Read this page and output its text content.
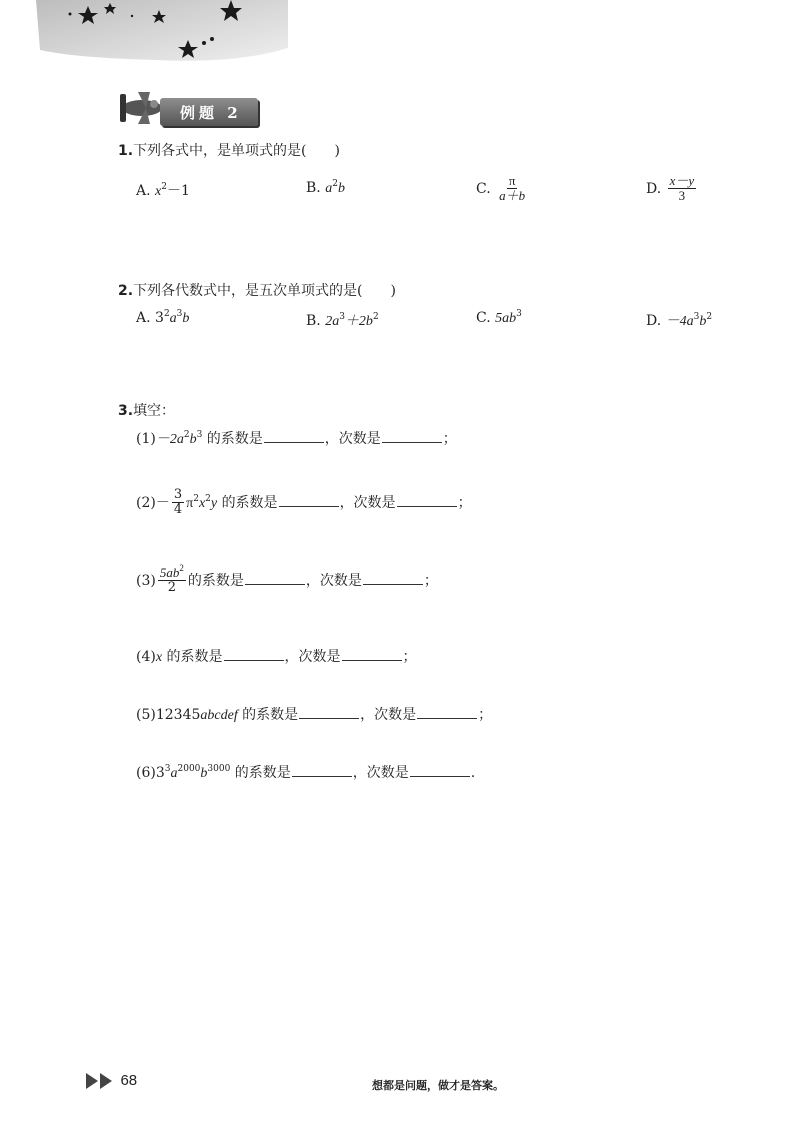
例题 2
1.下列各式中，是单项式的是(　　)
A. $x^2-1$	B. $a^2b$	C. $\frac{\pi}{a+b}$	D. $\frac{x-y}{3}$
2.下列各代数式中，是五次单项式的是(　　)
A. $3^2a^3b$	B. $2a^3+2b^2$	C. $5ab^3$	D. $-4a^3b^2$
3.填空：
$(1)-2a^2b^3$ 的系数是	，次数是	；
$(2)- \frac{3}{4} \pi^2x^2y$ 的系数是	，次数是	；
$(3) \frac{5ab^2}{2}$ 的系数是	，次数是	；
(4)x 的系数是	，次数是	；
(5)12345abcdef 的系数是	，次数是	；
$(6)3^3a^{2000}b^{3000}$ 的系数是	，次数是	.
68	想都是问题，做才是答案。
